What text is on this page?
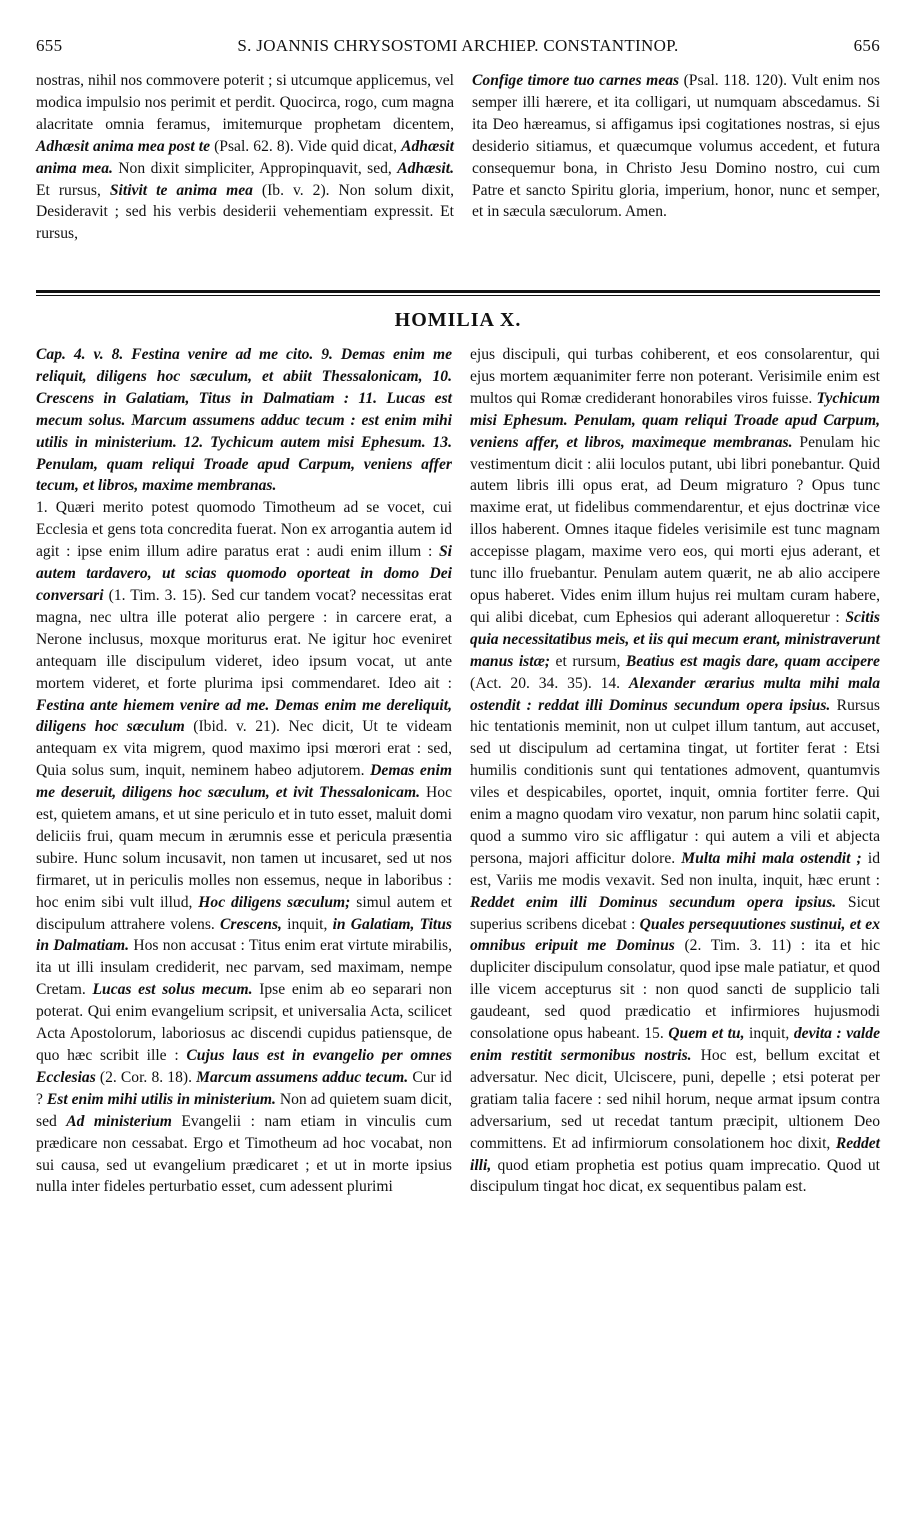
655	S. JOANNIS CHRYSOSTOMI ARCHIEP. CONSTANTINOP.	656

nostras, nihil nos commovere poterit ; si utcumque applicemus, vel modica impulsio nos perimit et perdit. Quocirca, rogo, cum magna alacritate omnia feramus, imitemurque prophetam dicentem, Adhæsit anima mea post te (Psal. 62. 8). Vide quid dicat, Adhæsit anima mea. Non dixit simpliciter, Appropinquavit, sed, Adhæsit. Et rursus, Sitivit te anima mea (Ib. v. 2). Non solum dixit, Desideravit ; sed his verbis desiderii vehementiam expressit. Et rursus,

Confige timore tuo carnes meas (Psal. 118. 120). Vult enim nos semper illi hærere, et ita colligari, ut numquam abscedamus. Si ita Deo hæreamus, si affigamus ipsi cogitationes nostras, si ejus desiderio sitiamus, et quæcumque volumus accedent, et futura consequemur bona, in Christo Jesu Domino nostro, cui cum Patre et sancto Spiritu gloria, imperium, honor, nunc et semper, et in sæcula sæculorum. Amen.

HOMILIA X.

Cap. 4. v. 8. Festina venire ad me cito. 9. Demas enim me reliquit, diligens hoc sæculum, et abiit Thessalonicam, 10. Crescens in Galatiam, Titus in Dalmatiam : 11. Lucas est mecum solus. Marcum assumens adduc tecum : est enim mihi utilis in ministerium. 12. Tychicum autem misi Ephesum. 13. Penulam, quam reliqui Troade apud Carpum, veniens affer tecum, et libros, maxime membranas.

1. Quæri merito potest quomodo Timotheum ad se vocet, cui Ecclesia et gens tota concredita fuerat. Non ex arrogantia autem id agit : ipse enim illum adire paratus erat : audi enim illum : Si autem tardavero, ut scias quomodo oporteat in domo Dei conversari (1. Tim. 3. 15). Sed cur tandem vocat? necessitas erat magna, nec ultra ille poterat alio pergere : in carcere erat, a Nerone inclusus, moxque moriturus erat. Ne igitur hoc eveniret antequam ille discipulum videret, ideo ipsum vocat, ut ante mortem videret, et forte plurima ipsi commendaret. Ideo ait : Festina ante hiemem venire ad me. Demas enim me dereliquit, diligens hoc sæculum (Ibid. v. 21). Nec dicit, Ut te videam antequam ex vita migrem, quod maximo ipsi mœrori erat : sed, Quia solus sum, inquit, neminem habeo adjutorem. Demas enim me deseruit, diligens hoc sæculum, et ivit Thessalonicam. Hoc est, quietem amans, et ut sine periculo et in tuto esset, maluit domi deliciis frui, quam mecum in ærumnis esse et pericula præsentia subire. Hunc solum incusavit, non tamen ut incusaret, sed ut nos firmaret, ut in periculis molles non essemus, neque in laboribus : hoc enim sibi vult illud, Hoc diligens sæculum; simul autem et discipulum attrahere volens. Crescens, inquit, in Galatiam, Titus in Dalmatiam. Hos non accusat : Titus enim erat virtute mirabilis, ita ut illi insulam crediderit, nec parvam, sed maximam, nempe Cretam. Lucas est solus mecum. Ipse enim ab eo separari non poterat. Qui enim evangelium scripsit, et universalia Acta, scilicet Acta Apostolorum, laboriosus ac discendi cupidus patiensque, de quo hæc scribit ille : Cujus laus est in evangelio per omnes Ecclesias (2. Cor. 8. 18). Marcum assumens adduc tecum. Cur id ? Est enim mihi utilis in ministerium. Non ad quietem suam dicit, sed Ad ministerium Evangelii : nam etiam in vinculis cum prædicare non cessabat. Ergo et Timotheum ad hoc vocabat, non sui causa, sed ut evangelium prædicaret ; et ut in morte ipsius nulla inter fideles perturbatio esset, cum adessent plurimi

ejus discipuli, qui turbas cohiberent, et eos consolarentur, qui ejus mortem æquanimiter ferre non poterant. Verisimile enim est multos qui Romæ crediderant honorabiles viros fuisse. Tychicum misi Ephesum. Penulam, quam reliqui Troade apud Carpum, veniens affer, et libros, maximeque membranas. Penulam hic vestimentum dicit : alii loculos putant, ubi libri ponebantur. Quid autem libris illi opus erat, ad Deum migraturo ? Opus tunc maxime erat, ut fidelibus commendarentur, et ejus doctrinæ vice illos haberent. Omnes itaque fideles verisimile est tunc magnam accepisse plagam, maxime vero eos, qui morti ejus aderant, et tunc illo fruebantur. Penulam autem quærit, ne ab alio accipere opus haberet. Vides enim illum hujus rei multam curam habere, qui alibi dicebat, cum Ephesios qui aderant alloqueretur : Scitis quia necessitatibus meis, et iis qui mecum erant, ministraverunt manus istæ; et rursum, Beatius est magis dare, quam accipere (Act. 20. 34. 35). 14. Alexander ærarius multa mihi mala ostendit : reddat illi Dominus secundum opera ipsius. Rursus hic tentationis meminit, non ut culpet illum tantum, aut accuset, sed ut discipulum ad certamina tingat, ut fortiter ferat : Etsi humilis conditionis sunt qui tentationes admovent, quantumvis viles et despicabiles, oportet, inquit, omnia fortiter ferre. Qui enim a magno quodam viro vexatur, non parum hinc solatii capit, quod a summo viro sic affligatur : qui autem a vili et abjecta persona, majori afficitur dolore. Multa mihi mala ostendit ; id est, Variis me modis vexavit. Sed non inulta, inquit, hæc erunt : Reddet enim illi Dominus secundum opera ipsius. Sicut superius scribens dicebat : Quales persequutiones sustinui, et ex omnibus eripuit me Dominus (2. Tim. 3. 11) : ita et hic dupliciter discipulum consolatur, quod ipse male patiatur, et quod ille vicem accepturus sit : non quod sancti de supplicio tali gaudeant, sed quod prædicatio et infirmiores hujusmodi consolatione opus habeant. 15. Quem et tu, inquit, devita : valde enim restitit sermonibus nostris. Hoc est, bellum excitat et adversatur. Nec dicit, Ulciscere, puni, depelle ; etsi poterat per gratiam talia facere : sed nihil horum, neque armat ipsum contra adversarium, sed ut recedat tantum præcipit, ultionem Deo committens. Et ad infirmiorum consolationem hoc dixit, Reddet illi, quod etiam prophetia est potius quam imprecatio. Quod ut discipulum tingat hoc dicat, ex sequentibus palam est.
